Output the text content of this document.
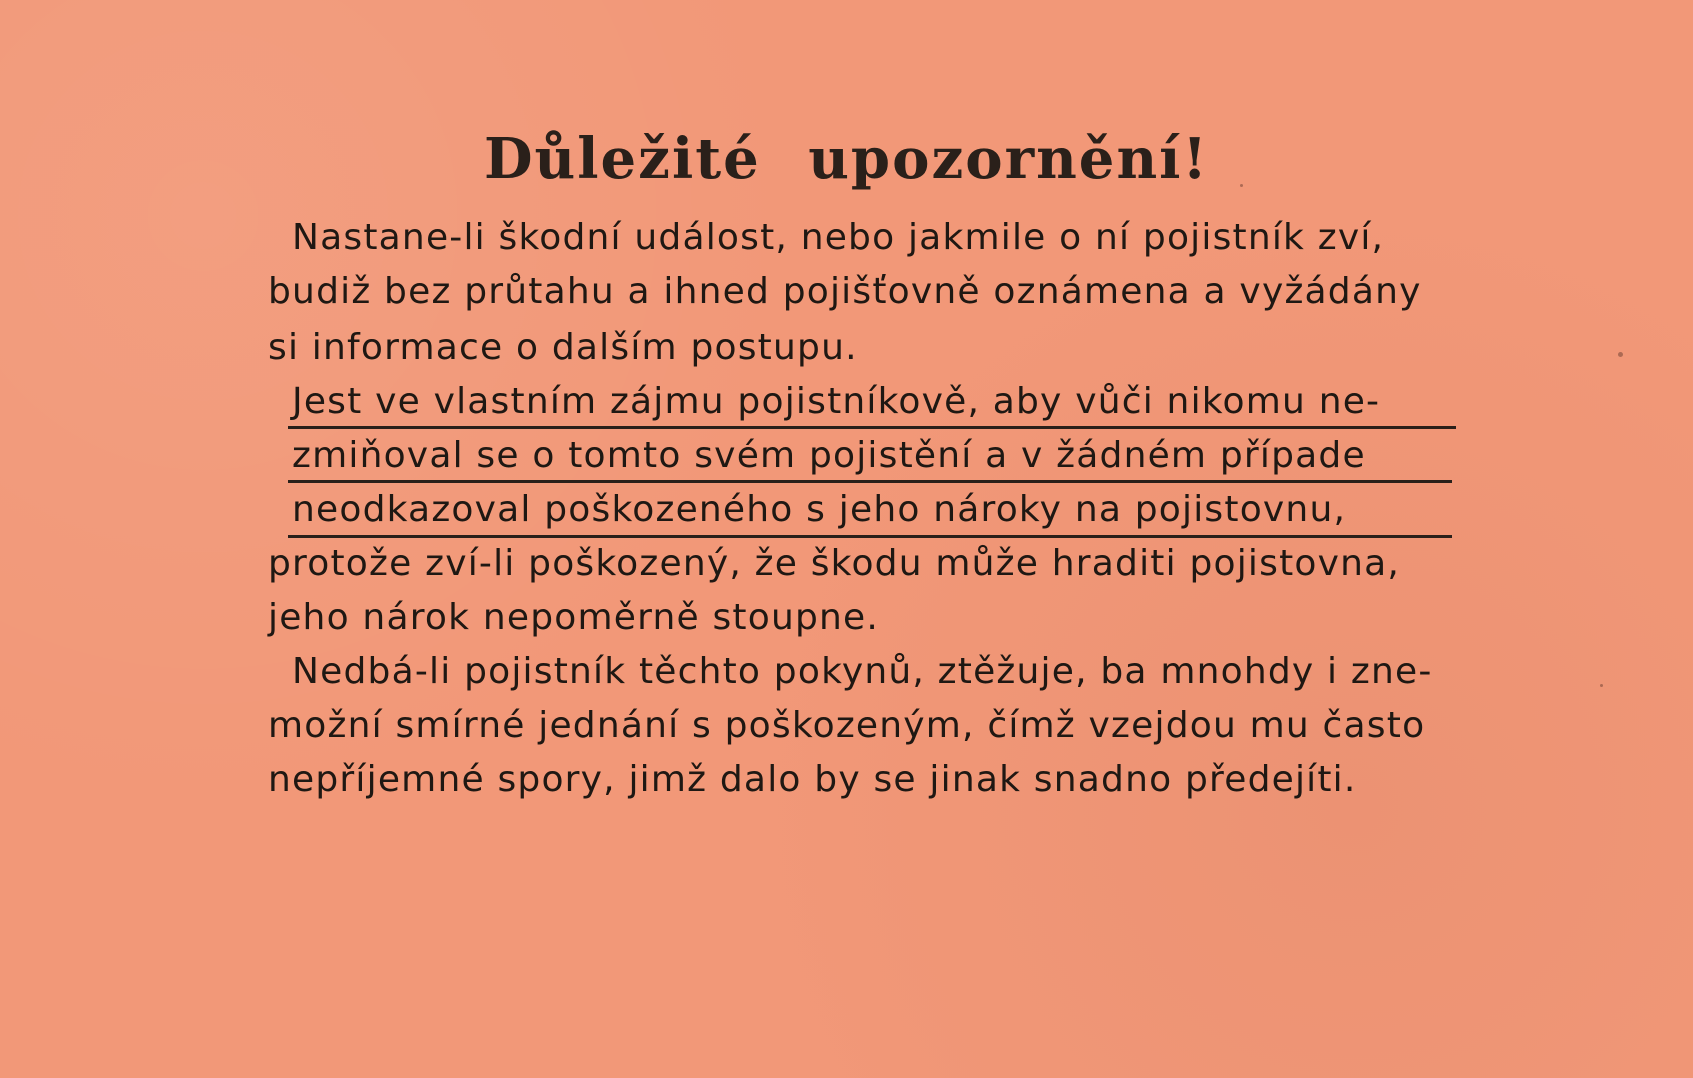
Důležité upozornění!
Nastane-li škodní událost, nebo jakmile o ní pojistník zví,
budiž bez průtahu a ihned pojišťovně oznámena a vyžádány
si informace o dalším postupu.
Jest ve vlastním zájmu pojistníkově, aby vůči nikomu ne-
zmiňoval se o tomto svém pojistění a v žádném případe
neodkazoval poškozeného s jeho nároky na pojistovnu,
protože zví-li poškozený, že škodu může hraditi pojistovna,
jeho nárok nepoměrně stoupne.
Nedbá-li pojistník těchto pokynů, ztěžuje, ba mnohdy i zne-
možní smírné jednání s poškozeným, čímž vzejdou mu často
nepříjemné spory, jimž dalo by se jinak snadno předejíti.
